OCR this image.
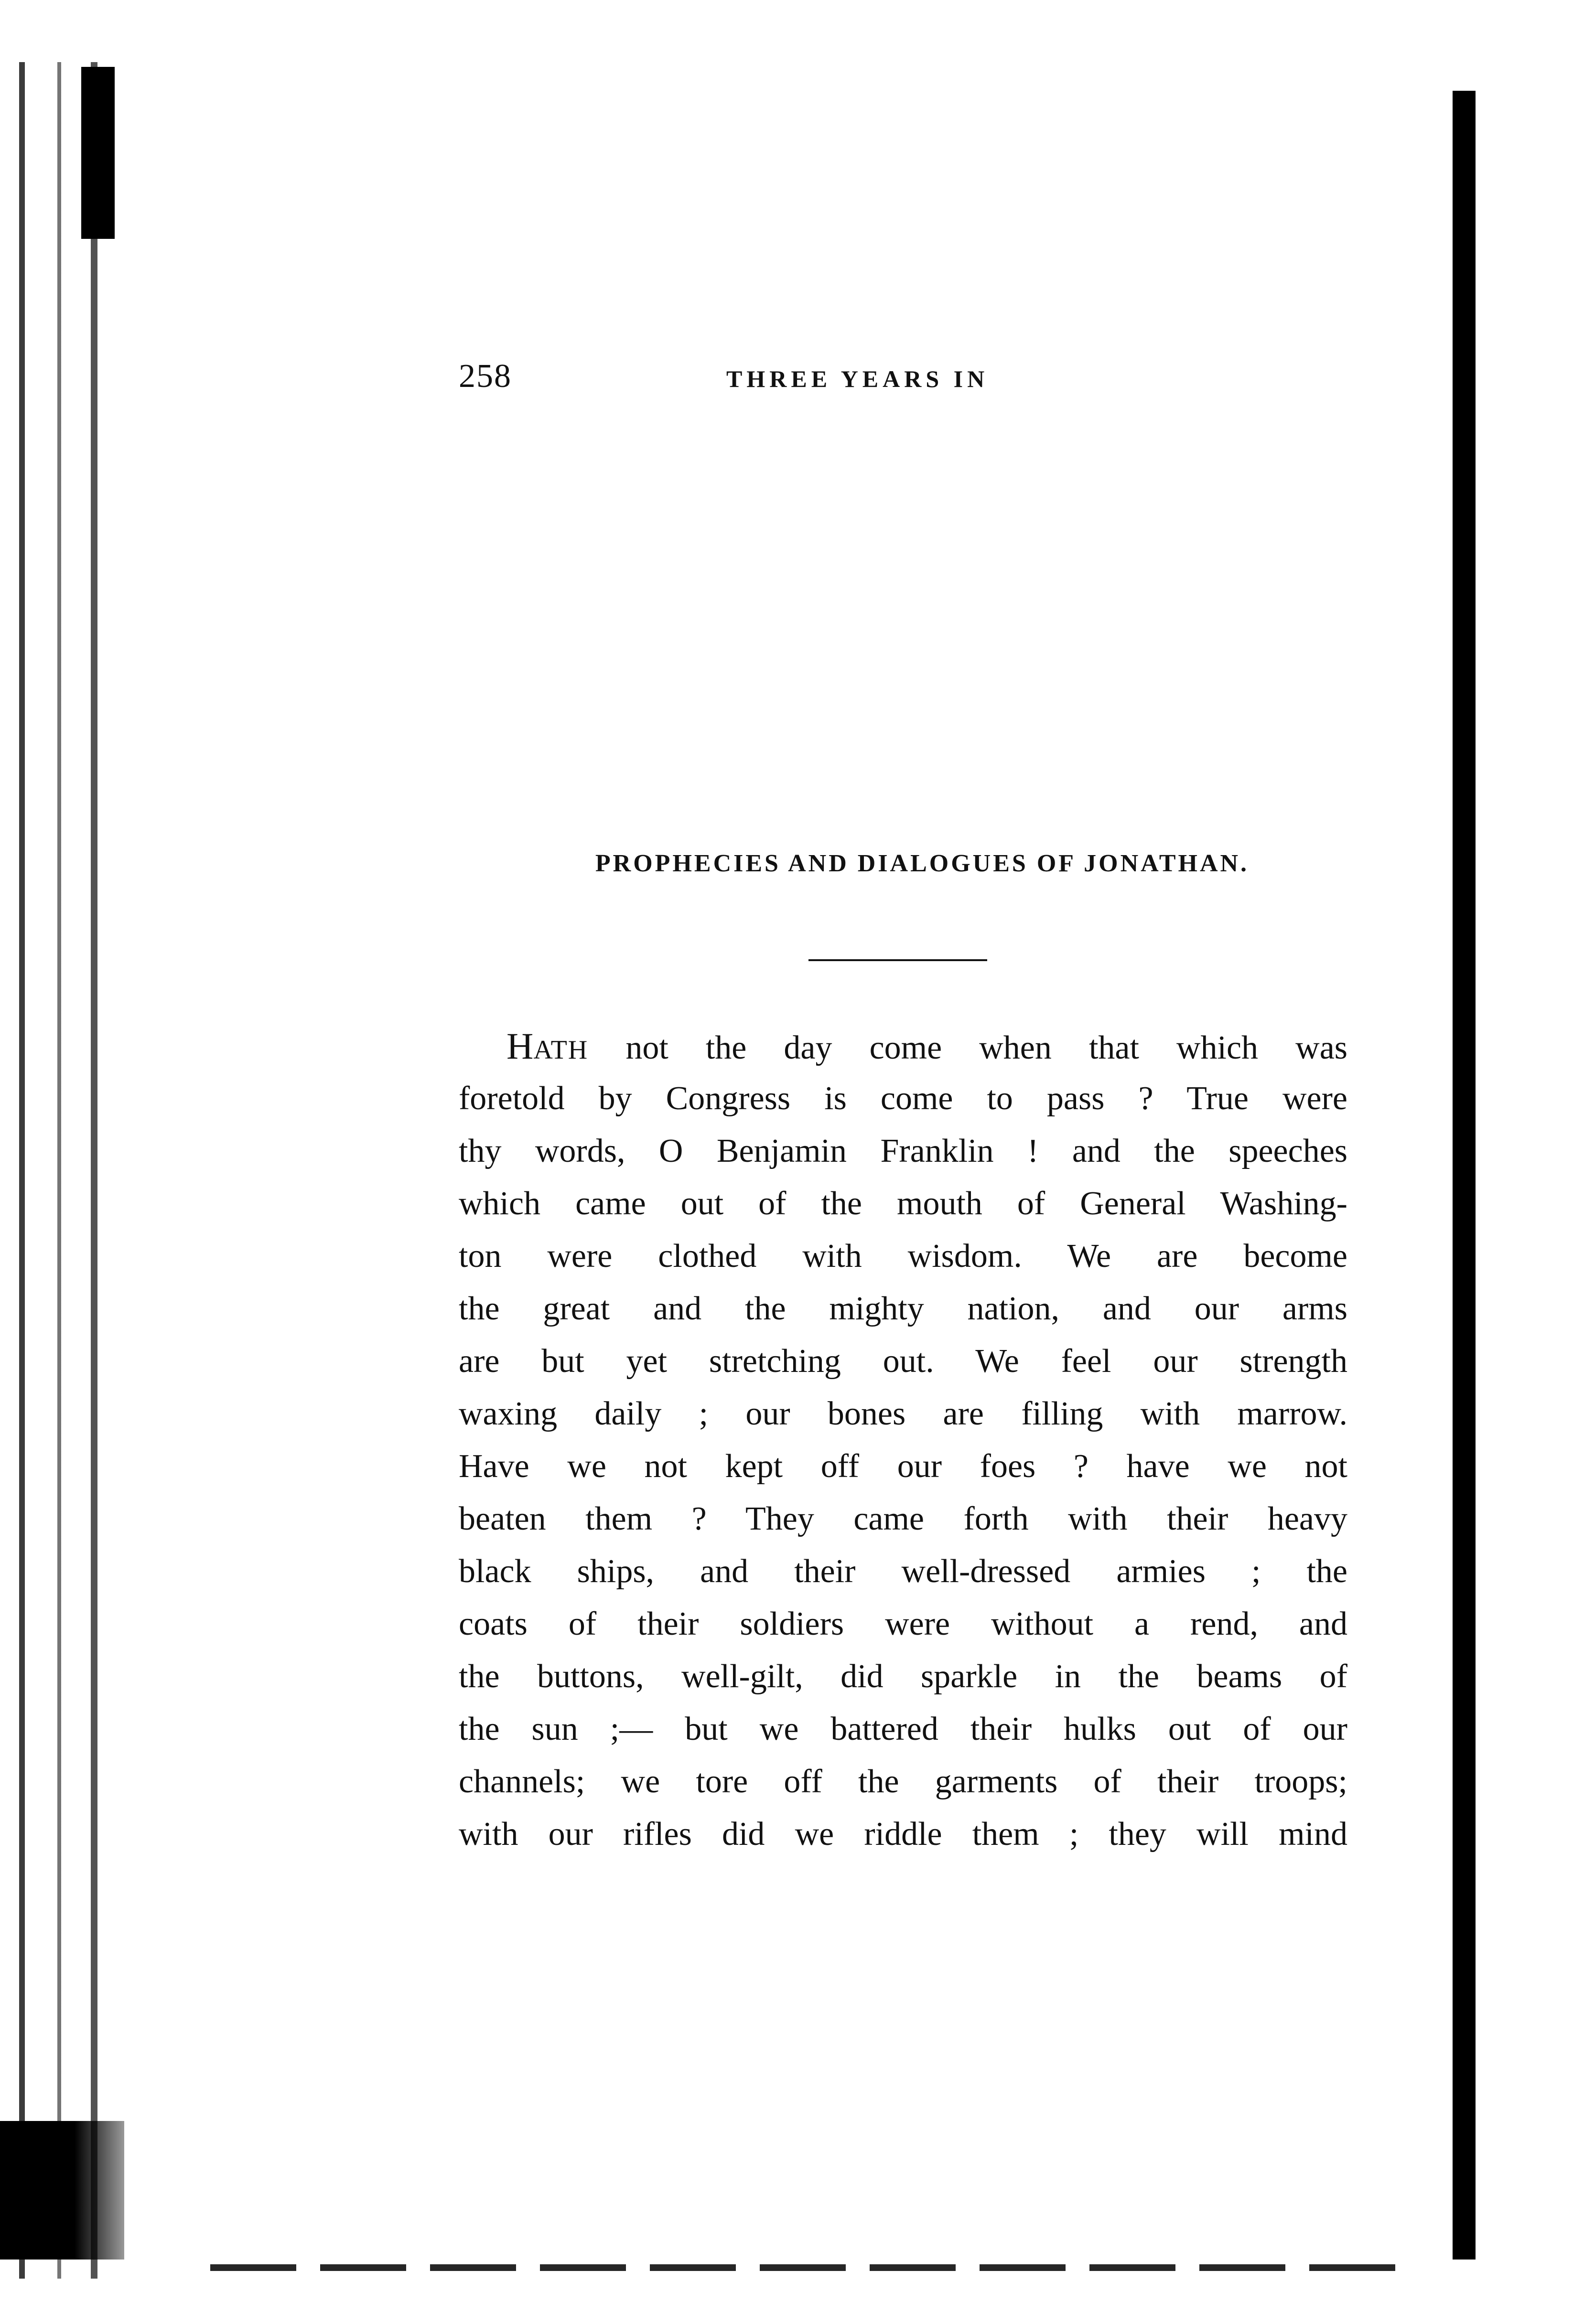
258	THREE YEARS IN
PROPHECIES AND DIALOGUES OF JONATHAN.
HATH not the day come when that which was
foretold by Congress is come to pass ? True were
thy words, O Benjamin Franklin ! and the speeches
which came out of the mouth of General Washing-
ton were clothed with wisdom. We are become
the great and the mighty nation, and our arms
are but yet stretching out. We feel our strength
waxing daily ; our bones are filling with marrow.
Have we not kept off our foes ? have we not
beaten them ? They came forth with their heavy
black ships, and their well-dressed armies ; the
coats of their soldiers were without a rend, and
the buttons, well-gilt, did sparkle in the beams of
the sun ;— but we battered their hulks out of our
channels; we tore off the garments of their troops;
with our rifles did we riddle them ; they will mind
